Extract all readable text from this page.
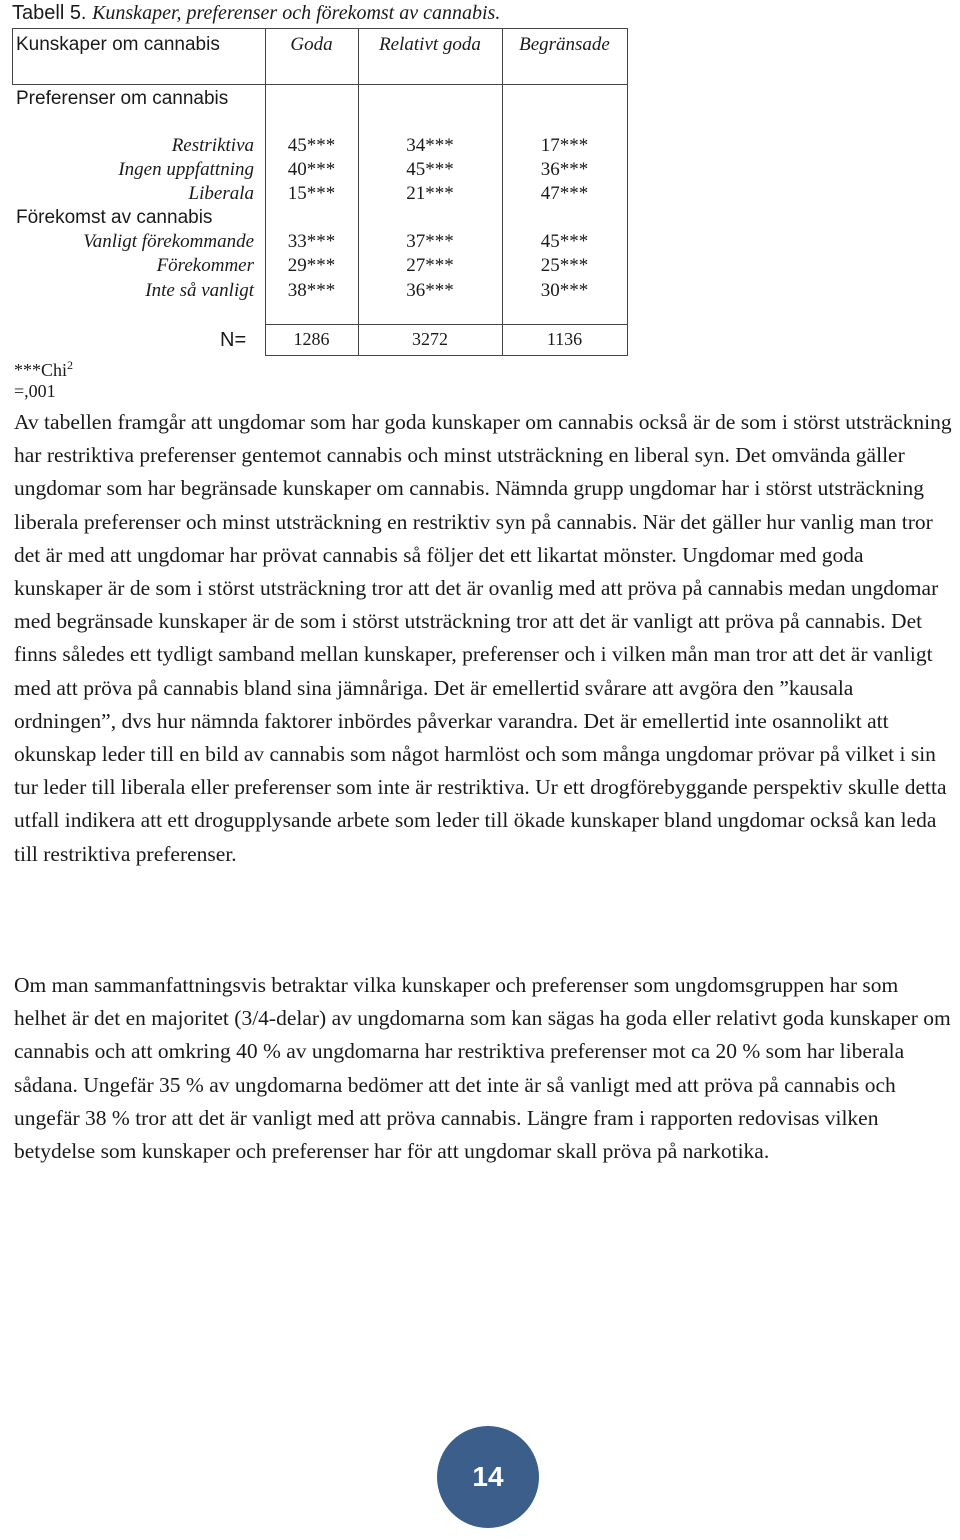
Tabell 5. Kunskaper, preferenser och förekomst av cannabis.
Kunskaper om cannabis	Goda	Relativt goda	Begränsade
Preferenser om cannabis
Restriktiva	45***	34***	17***
Ingen uppfattning	40***	45***	36***
Liberala	15***	21***	47***
Förekomst av cannabis
Vanligt förekommande	33***	37***	45***
Förekommer	29***	27***	25***
Inte så vanligt	38***	36***	30***
N=	1286	3272	1136
***Chi$^2$ =,001

Av tabellen framgår att ungdomar som har goda kunskaper om cannabis också är de som i störst utsträckning har restriktiva preferenser gentemot cannabis och minst utsträckning en liberal syn. Det omvända gäller ungdomar som har begränsade kunskaper om cannabis. Nämnda grupp ungdomar har i störst utsträckning liberala preferenser och minst utsträckning en restriktiv syn på cannabis. När det gäller hur vanlig man tror det är med att ungdomar har prövat cannabis så följer det ett likartat mönster. Ungdomar med goda kunskaper är de som i störst utsträckning tror att det är ovanlig med att pröva på cannabis medan ungdomar med begränsade kunskaper är de som i störst utsträckning tror att det är vanligt att pröva på cannabis. Det finns således ett tydligt samband mellan kunskaper, preferenser och i vilken mån man tror att det är vanligt med att pröva på cannabis bland sina jämnåriga. Det är emellertid svårare att avgöra den ”kausala ordningen”, dvs hur nämnda faktorer inbördes påverkar varandra. Det är emellertid inte osannolikt att okunskap leder till en bild av cannabis som något harmlöst och som många ungdomar prövar på vilket i sin tur leder till liberala eller preferenser som inte är restriktiva. Ur ett drogförebyggande perspektiv skulle detta utfall indikera att ett drogupplysande arbete som leder till ökade kunskaper bland ungdomar också kan leda till restriktiva preferenser.

Om man sammanfattningsvis betraktar vilka kunskaper och preferenser som ungdomsgruppen har som helhet är det en majoritet (3/4-delar) av ungdomarna som kan sägas ha goda eller relativt goda kunskaper om cannabis och att omkring 40 % av ungdomarna har restriktiva preferenser mot ca 20 % som har liberala sådana. Ungefär 35 % av ungdomarna bedömer att det inte är så vanligt med att pröva på cannabis och ungefär 38 % tror att det är vanligt med att pröva cannabis. Längre fram i rapporten redovisas vilken betydelse som kunskaper och preferenser har för att ungdomar skall pröva på narkotika.

14
